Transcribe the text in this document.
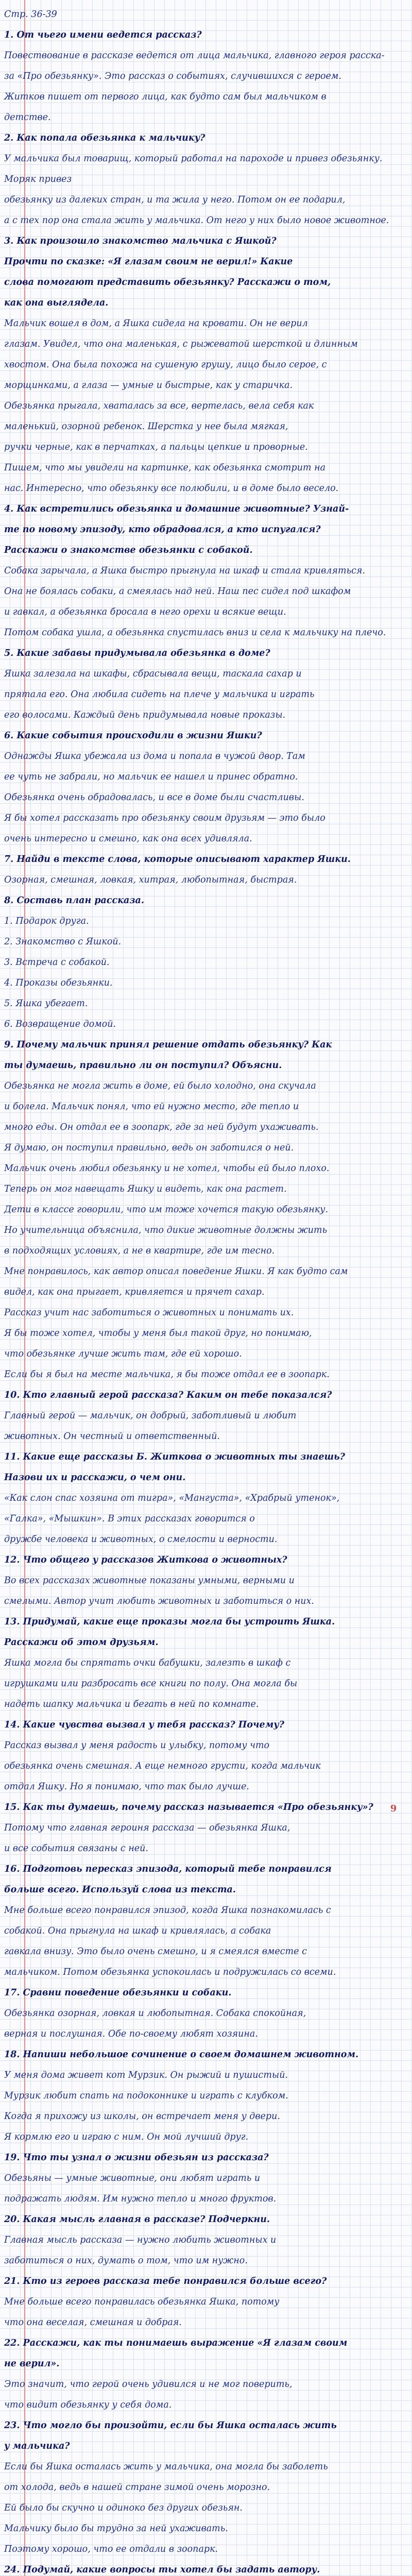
Стр. 36-39

1. От чьего имени ведется рассказ?

Повествование в рассказе ведется от лица мальчика, главного героя расска-

за «Про обезьянку». Это рассказ о событиях, случившихся с героем.

Житков пишет от первого лица, как будто сам был мальчиком в

детстве.

2. Как попала обезьянка к мальчику?

У мальчика был товарищ, который работал на пароходе и привез обезьянку. Моряк привез

обезьянку из далеких стран, и та жила у него. Потом он ее подарил,

а с тех пор она стала жить у мальчика. От него у них было новое животное.

3. Как произошло знакомство мальчика с Яшкой?

Прочти по сказке: «Я глазам своим не верил!» Какие

слова помогают представить обезьянку? Расскажи о том,

как она выглядела.

Мальчик вошел в дом, а Яшка сидела на кровати. Он не верил

глазам. Увидел, что она маленькая, с рыжеватой шерсткой и длинным

хвостом. Она была похожа на сушеную грушу, лицо было серое, с

морщинками, а глаза — умные и быстрые, как у старичка.

Обезьянка прыгала, хваталась за все, вертелась, вела себя как

маленький, озорной ребенок. Шерстка у нее была мягкая,

ручки черные, как в перчатках, а пальцы цепкие и проворные.

Пишем, что мы увидели на картинке, как обезьянка смотрит на

нас. Интересно, что обезьянку все полюбили, и в доме было весело.

4. Как встретились обезьянка и домашние животные? Узнай-

те по новому эпизоду, кто обрадовался, а кто испугался?

Расскажи о знакомстве обезьянки с собакой.

Собака зарычала, а Яшка быстро прыгнула на шкаф и стала кривляться.

Она не боялась собаки, а смеялась над ней. Наш пес сидел под шкафом

и гавкал, а обезьянка бросала в него орехи и всякие вещи.

Потом собака ушла, а обезьянка спустилась вниз и села к мальчику на плечо.

5. Какие забавы придумывала обезьянка в доме?

Яшка залезала на шкафы, сбрасывала вещи, таскала сахар и

прятала его. Она любила сидеть на плече у мальчика и играть

его волосами. Каждый день придумывала новые проказы.

6. Какие события происходили в жизни Яшки?

Однажды Яшка убежала из дома и попала в чужой двор. Там

ее чуть не забрали, но мальчик ее нашел и принес обратно.

Обезьянка очень обрадовалась, и все в доме были счастливы.

Я бы хотел рассказать про обезьянку своим друзьям — это было

очень интересно и смешно, как она всех удивляла.

7. Найди в тексте слова, которые описывают характер Яшки.

Озорная, смешная, ловкая, хитрая, любопытная, быстрая.

8. Составь план рассказа.

1. Подарок друга.

2. Знакомство с Яшкой.

3. Встреча с собакой.

4. Проказы обезьянки.

5. Яшка убегает.

6. Возвращение домой.

9. Почему мальчик принял решение отдать обезьянку? Как

ты думаешь, правильно ли он поступил? Объясни.

Обезьянка не могла жить в доме, ей было холодно, она скучала

и болела. Мальчик понял, что ей нужно место, где тепло и

много еды. Он отдал ее в зоопарк, где за ней будут ухаживать.

Я думаю, он поступил правильно, ведь он заботился о ней.

Мальчик очень любил обезьянку и не хотел, чтобы ей было плохо.

Теперь он мог навещать Яшку и видеть, как она растет.

Дети в классе говорили, что им тоже хочется такую обезьянку.

Но учительница объяснила, что дикие животные должны жить

в подходящих условиях, а не в квартире, где им тесно.

Мне понравилось, как автор описал поведение Яшки. Я как будто сам

видел, как она прыгает, кривляется и прячет сахар.

Рассказ учит нас заботиться о животных и понимать их.

Я бы тоже хотел, чтобы у меня был такой друг, но понимаю,

что обезьянке лучше жить там, где ей хорошо.

Если бы я был на месте мальчика, я бы тоже отдал ее в зоопарк.

10. Кто главный герой рассказа? Каким он тебе показался?

Главный герой — мальчик, он добрый, заботливый и любит

животных. Он честный и ответственный.

11. Какие еще рассказы Б. Житкова о животных ты знаешь?

Назови их и расскажи, о чем они.

«Как слон спас хозяина от тигра», «Мангуста», «Храбрый утенок»,

«Галка», «Мышкин». В этих рассказах говорится о

дружбе человека и животных, о смелости и верности.

12. Что общего у рассказов Житкова о животных?

Во всех рассказах животные показаны умными, верными и

смелыми. Автор учит любить животных и заботиться о них.

13. Придумай, какие еще проказы могла бы устроить Яшка.

Расскажи об этом друзьям.

Яшка могла бы спрятать очки бабушки, залезть в шкаф с

игрушками или разбросать все книги по полу. Она могла бы

надеть шапку мальчика и бегать в ней по комнате.

14. Какие чувства вызвал у тебя рассказ? Почему?

Рассказ вызвал у меня радость и улыбку, потому что

обезьянка очень смешная. А еще немного грусти, когда мальчик

отдал Яшку. Но я понимаю, что так было лучше.

15. Как ты думаешь, почему рассказ называется «Про обезьянку»?

Потому что главная героиня рассказа — обезьянка Яшка,

и все события связаны с ней.

16. Подготовь пересказ эпизода, который тебе понравился

больше всего. Используй слова из текста.

Мне больше всего понравился эпизод, когда Яшка познакомилась с

собакой. Она прыгнула на шкаф и кривлялась, а собака

гавкала внизу. Это было очень смешно, и я смеялся вместе с

мальчиком. Потом обезьянка успокоилась и подружилась со всеми.

17. Сравни поведение обезьянки и собаки.

Обезьянка озорная, ловкая и любопытная. Собака спокойная,

верная и послушная. Обе по-своему любят хозяина.

18. Напиши небольшое сочинение о своем домашнем животном.

У меня дома живет кот Мурзик. Он рыжий и пушистый.

Мурзик любит спать на подоконнике и играть с клубком.

Когда я прихожу из школы, он встречает меня у двери.

Я кормлю его и играю с ним. Он мой лучший друг.

19. Что ты узнал о жизни обезьян из рассказа?

Обезьяны — умные животные, они любят играть и

подражать людям. Им нужно тепло и много фруктов.

20. Какая мысль главная в рассказе? Подчеркни.

Главная мысль рассказа — нужно любить животных и

заботиться о них, думать о том, что им нужно.

21. Кто из героев рассказа тебе понравился больше всего?

Мне больше всего понравилась обезьянка Яшка, потому

что она веселая, смешная и добрая.

22. Расскажи, как ты понимаешь выражение «Я глазам своим

не верил».

Это значит, что герой очень удивился и не мог поверить,

что видит обезьянку у себя дома.

23. Что могло бы произойти, если бы Яшка осталась жить

у мальчика?

Если бы Яшка осталась жить у мальчика, она могла бы заболеть

от холода, ведь в нашей стране зимой очень морозно.

Ей было бы скучно и одиноко без других обезьян.

Мальчику было бы трудно за ней ухаживать.

Поэтому хорошо, что ее отдали в зоопарк.

24. Подумай, какие вопросы ты хотел бы задать автору.

9
